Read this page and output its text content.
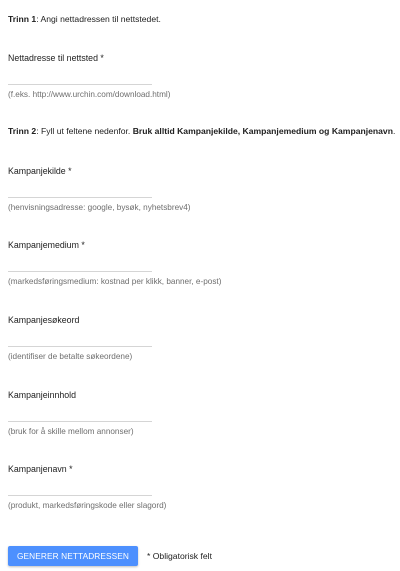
Trinn 1: Angi nettadressen til nettstedet.
Nettadresse til nettsted *
(f.eks. http://www.urchin.com/download.html)
Trinn 2: Fyll ut feltene nedenfor. Bruk alltid Kampanjekilde, Kampanjemedium og Kampanjenavn.
Kampanjekilde *
(henvisningsadresse: google, bysøk, nyhetsbrev4)
Kampanjemedium *
(markedsføringsmedium: kostnad per klikk, banner, e-post)
Kampanjesøkeord
(identifiser de betalte søkeordene)
Kampanjeinnhold
(bruk for å skille mellom annonser)
Kampanjenavn *
(produkt, markedsføringskode eller slagord)
GENERER NETTADRESSEN	* Obligatorisk felt
